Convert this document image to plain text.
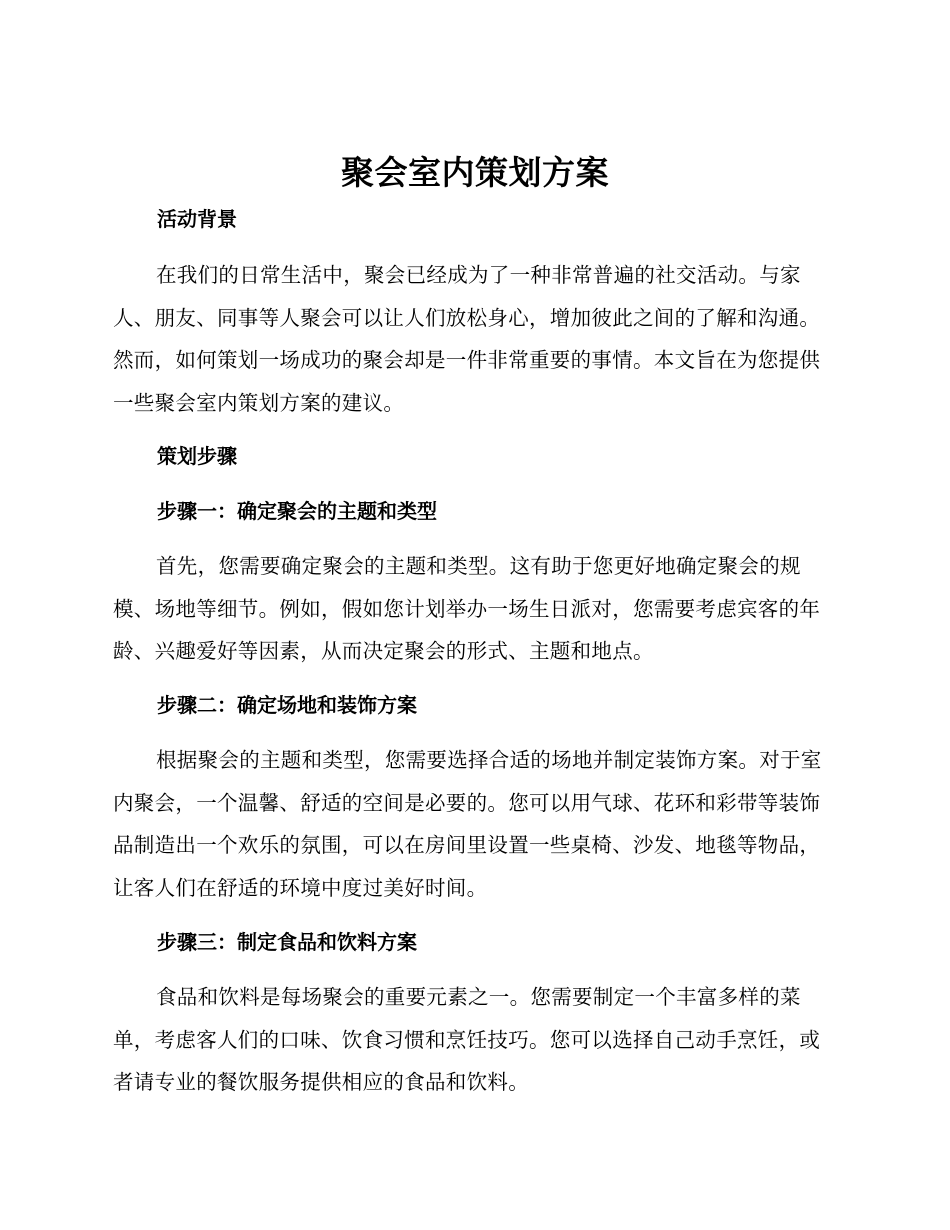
聚会室内策划方案
活动背景

在我们的日常生活中，聚会已经成为了一种非常普遍的社交活动。与家人、朋友、同事等人聚会可以让人们放松身心，增加彼此之间的了解和沟通。然而，如何策划一场成功的聚会却是一件非常重要的事情。本文旨在为您提供一些聚会室内策划方案的建议。

策划步骤
步骤一：确定聚会的主题和类型

首先，您需要确定聚会的主题和类型。这有助于您更好地确定聚会的规模、场地等细节。例如，假如您计划举办一场生日派对，您需要考虑宾客的年龄、兴趣爱好等因素，从而决定聚会的形式、主题和地点。

步骤二：确定场地和装饰方案

根据聚会的主题和类型，您需要选择合适的场地并制定装饰方案。对于室内聚会，一个温馨、舒适的空间是必要的。您可以用气球、花环和彩带等装饰品制造出一个欢乐的氛围，可以在房间里设置一些桌椅、沙发、地毯等物品，让客人们在舒适的环境中度过美好时间。

步骤三：制定食品和饮料方案

食品和饮料是每场聚会的重要元素之一。您需要制定一个丰富多样的菜单，考虑客人们的口味、饮食习惯和烹饪技巧。您可以选择自己动手烹饪，或者请专业的餐饮服务提供相应的食品和饮料。
